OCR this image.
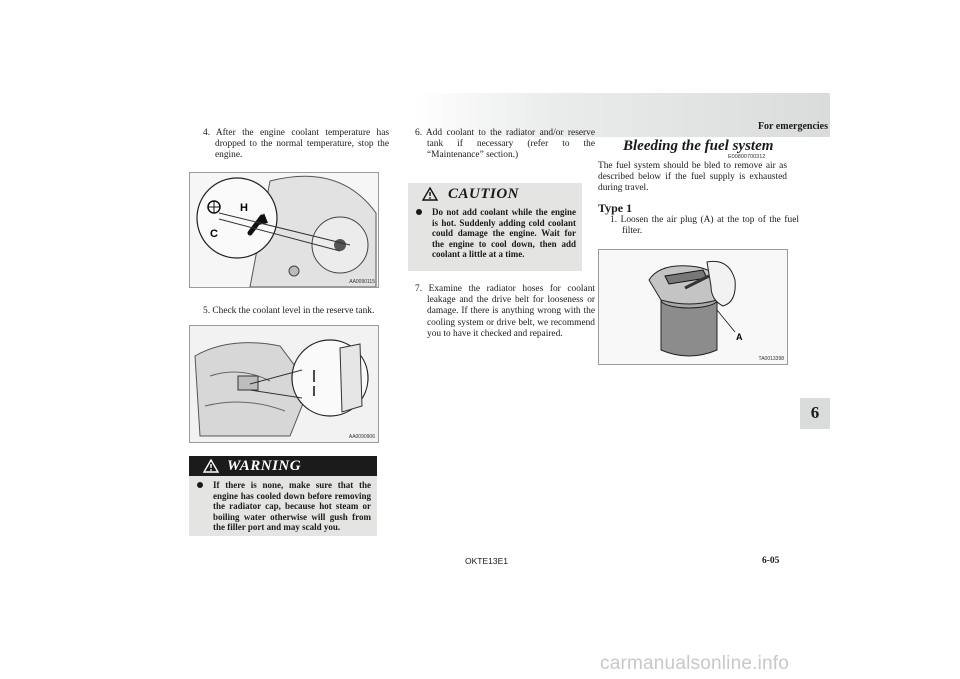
For emergencies
4. After the engine coolant temperature has dropped to the normal temperature, stop the engine.
C
H
AA0090115
5. Check the coolant level in the reserve tank.
AA0090906
WARNING
If there is none, make sure that the engine has cooled down before removing the radiator cap, because hot steam or boiling water otherwise will gush from the filler port and may scald you.
6. Add coolant to the radiator and/or reserve tank if necessary (refer to the “Maintenance” section.)
CAUTION
Do not add coolant while the engine is hot. Suddenly adding cold coolant could damage the engine. Wait for the engine to cool down, then add coolant a little at a time.
7. Examine the radiator hoses for coolant leakage and the drive belt for looseness or damage. If there is anything wrong with the cooling system or drive belt, we recommend you to have it checked and repaired.
Bleeding the fuel system
E00800700312
The fuel system should be bled to remove air as described below if the fuel supply is exhausted during travel.
Type 1
1. Loosen the air plug (A) at the top of the fuel filter.
A
TA0013398
6
OKTE13E1	6-05
carmanualsonline.info
